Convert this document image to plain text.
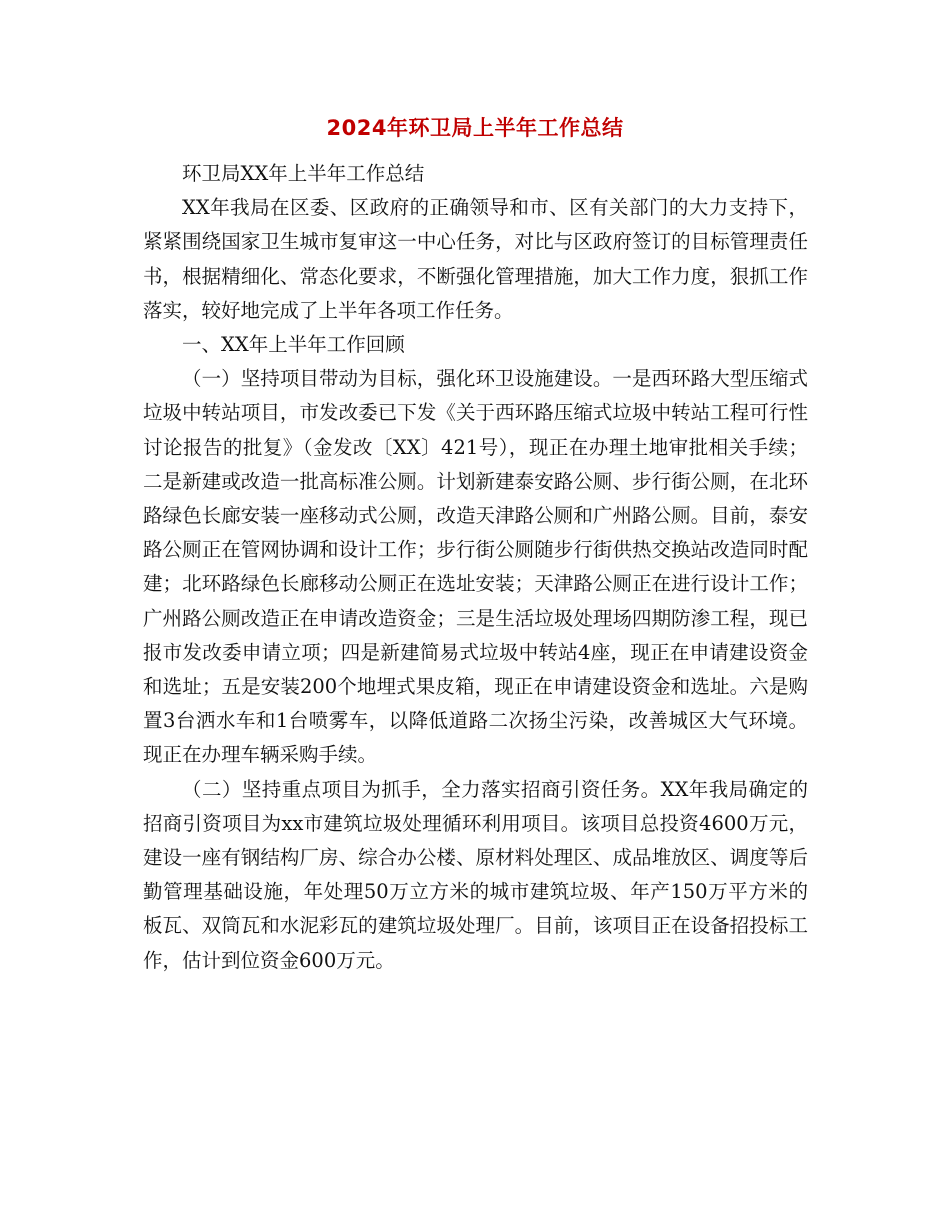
2024年环卫局上半年工作总结

环卫局XX年上半年工作总结

XX年我局在区委、区政府的正确领导和市、区有关部门的大力支持下，紧紧围绕国家卫生城市复审这一中心任务，对比与区政府签订的目标管理责任书，根据精细化、常态化要求，不断强化管理措施，加大工作力度，狠抓工作落实，较好地完成了上半年各项工作任务。

一、XX年上半年工作回顾

（一）坚持项目带动为目标，强化环卫设施建设。一是西环路大型压缩式垃圾中转站项目，市发改委已下发《关于西环路压缩式垃圾中转站工程可行性讨论报告的批复》（金发改〔XX〕421号），现正在办理土地审批相关手续；二是新建或改造一批高标准公厕。计划新建泰安路公厕、步行街公厕，在北环路绿色长廊安装一座移动式公厕，改造天津路公厕和广州路公厕。目前，泰安路公厕正在管网协调和设计工作；步行街公厕随步行街供热交换站改造同时配建；北环路绿色长廊移动公厕正在选址安装；天津路公厕正在进行设计工作；广州路公厕改造正在申请改造资金；三是生活垃圾处理场四期防渗工程，现已报市发改委申请立项；四是新建简易式垃圾中转站4座，现正在申请建设资金和选址；五是安装200个地埋式果皮箱，现正在申请建设资金和选址。六是购置3台洒水车和1台喷雾车，以降低道路二次扬尘污染，改善城区大气环境。现正在办理车辆采购手续。

（二）坚持重点项目为抓手，全力落实招商引资任务。XX年我局确定的招商引资项目为xx市建筑垃圾处理循环利用项目。该项目总投资4600万元，建设一座有钢结构厂房、综合办公楼、原材料处理区、成品堆放区、调度等后勤管理基础设施，年处理50万立方米的城市建筑垃圾、年产150万平方米的板瓦、双筒瓦和水泥彩瓦的建筑垃圾处理厂。目前，该项目正在设备招投标工作，估计到位资金600万元。
